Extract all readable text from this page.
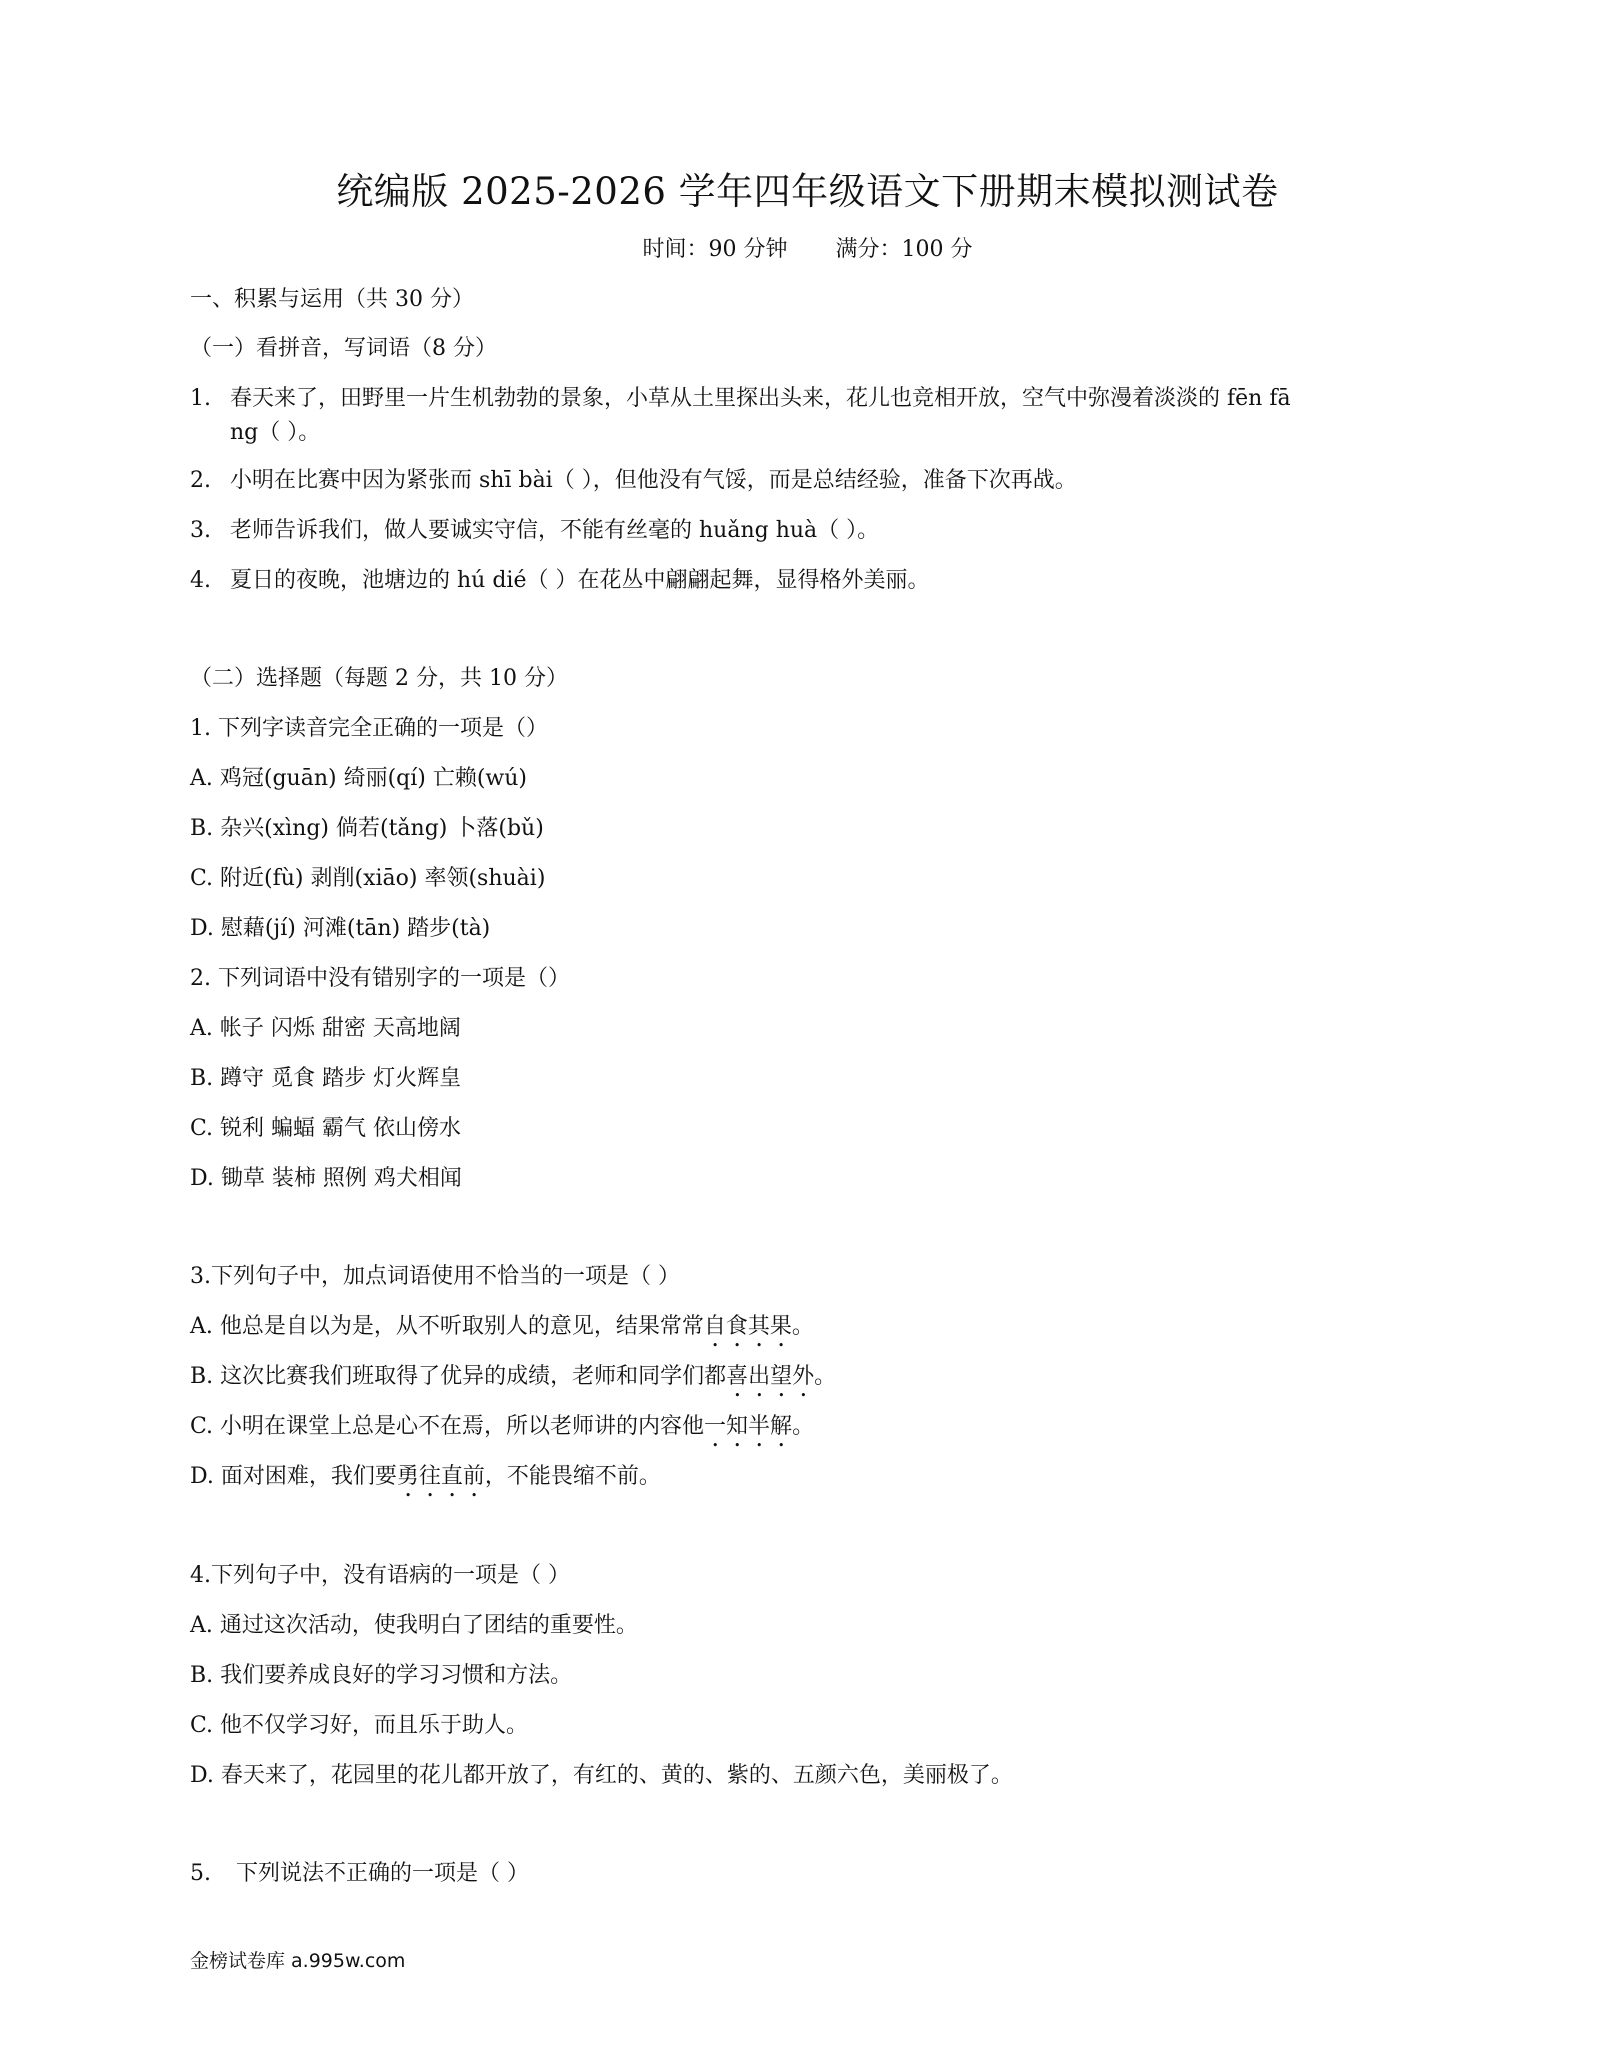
统编版 2025-2026 学年四年级语文下册期末模拟测试卷
时间：90 分钟 满分：100 分
一、积累与运用（共 30 分）
（一）看拼音，写词语（8 分）
1. 春天来了，田野里一片生机勃勃的景象，小草从土里探出头来，花儿也竞相开放，空气中弥漫着淡淡的 fēn fā
ng（ ）。
2. 小明在比赛中因为紧张而 shī bài（ ），但他没有气馁，而是总结经验，准备下次再战。
3. 老师告诉我们，做人要诚实守信，不能有丝毫的 huǎng huà（ ）。
4. 夏日的夜晚，池塘边的 hú dié（ ）在花丛中翩翩起舞，显得格外美丽。
（二）选择题（每题 2 分，共 10 分）
1. 下列字读音完全正确的一项是（）
A. 鸡冠(guān) 绮丽(qí) 亡赖(wú)
B. 杂兴(xìng) 倘若(tǎng) 卜落(bǔ)
C. 附近(fù) 剥削(xiāo) 率领(shuài)
D. 慰藉(jí) 河滩(tān) 踏步(tà)
2. 下列词语中没有错别字的一项是（）
A. 帐子 闪烁 甜密 天高地阔
B. 蹲守 觅食 踏步 灯火辉皇
C. 锐利 蝙蝠 霸气 依山傍水
D. 锄草 装柿 照例 鸡犬相闻
3.下列句子中，加点词语使用不恰当的一项是（ ）
A. 他总是自以为是，从不听取别人的意见，结果常常自食其果。
B. 这次比赛我们班取得了优异的成绩，老师和同学们都喜出望外。
C. 小明在课堂上总是心不在焉，所以老师讲的内容他一知半解。
D. 面对困难，我们要勇往直前，不能畏缩不前。
4.下列句子中，没有语病的一项是（ ）
A. 通过这次活动，使我明白了团结的重要性。
B. 我们要养成良好的学习习惯和方法。
C. 他不仅学习好，而且乐于助人。
D. 春天来了，花园里的花儿都开放了，有红的、黄的、紫的、五颜六色，美丽极了。
5. 下列说法不正确的一项是（ ）
金榜试卷库 a.995w.com
